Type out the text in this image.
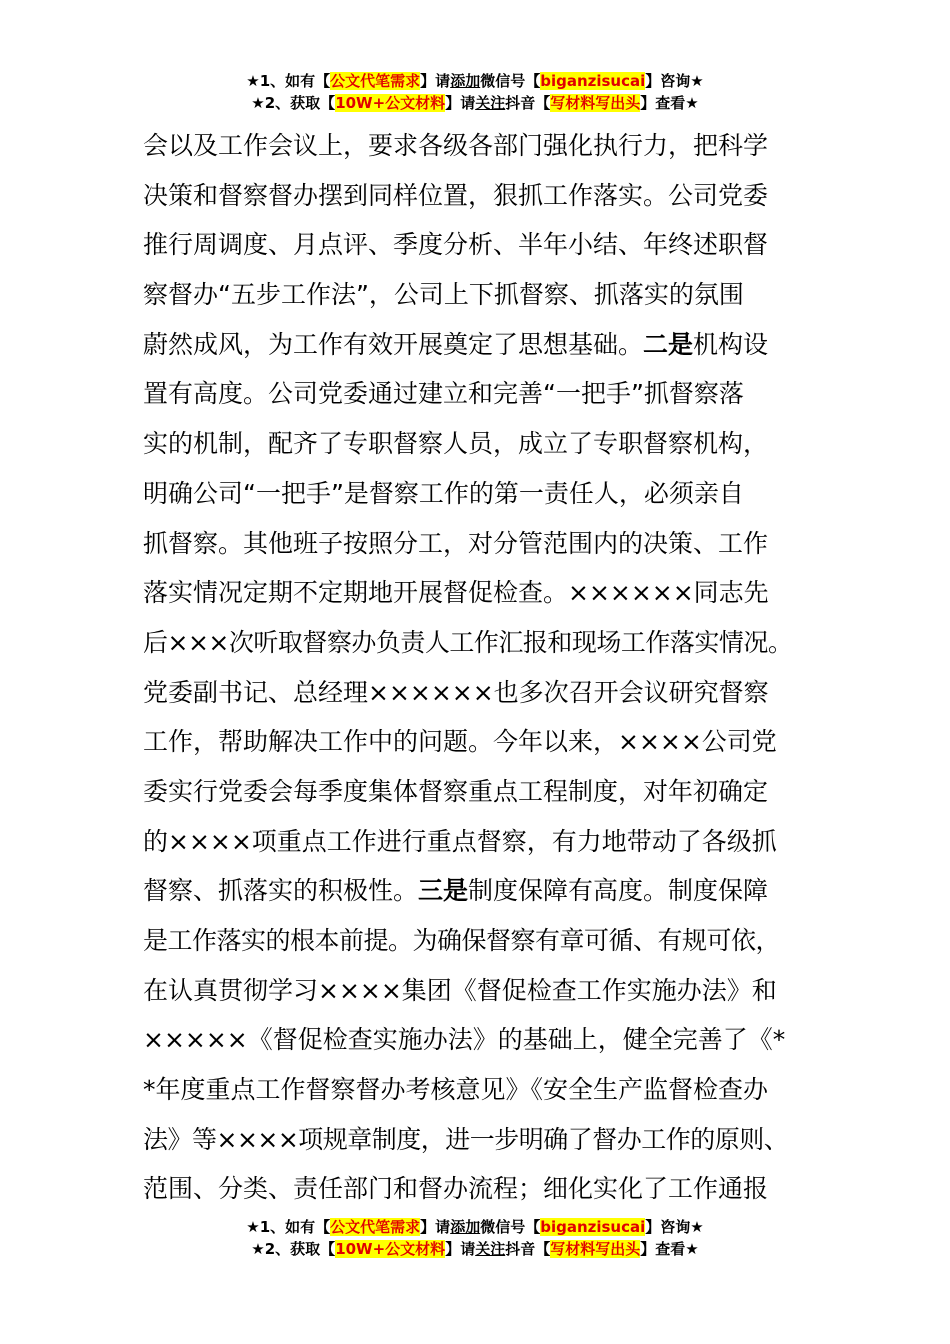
★1、如有【公文代笔需求】请添加微信号【biganzisucai】咨询★
★2、获取【10W+公文材料】请关注抖音【写材料写出头】查看★
会以及工作会议上，要求各级各部门强化执行力，把科学
决策和督察督办摆到同样位置，狠抓工作落实。公司党委
推行周调度、月点评、季度分析、半年小结、年终述职督
察督办“五步工作法”，公司上下抓督察、抓落实的氛围
蔚然成风，为工作有效开展奠定了思想基础。二是机构设
置有高度。公司党委通过建立和完善“一把手”抓督察落
实的机制，配齐了专职督察人员，成立了专职督察机构，
明确公司“一把手”是督察工作的第一责任人，必须亲自
抓督察。其他班子按照分工，对分管范围内的决策、工作
落实情况定期不定期地开展督促检查。××××××同志先
后×××次听取督察办负责人工作汇报和现场工作落实情况。
党委副书记、总经理××××××也多次召开会议研究督察
工作，帮助解决工作中的问题。今年以来，××××公司党
委实行党委会每季度集体督察重点工程制度，对年初确定
的××××项重点工作进行重点督察，有力地带动了各级抓
督察、抓落实的积极性。三是制度保障有高度。制度保障
是工作落实的根本前提。为确保督察有章可循、有规可依，
在认真贯彻学习××××集团《督促检查工作实施办法》和
×××××《督促检查实施办法》的基础上，健全完善了《*
*年度重点工作督察督办考核意见》《安全生产监督检查办
法》等××××项规章制度，进一步明确了督办工作的原则、
范围、分类、责任部门和督办流程；细化实化了工作通报
★1、如有【公文代笔需求】请添加微信号【biganzisucai】咨询★
★2、获取【10W+公文材料】请关注抖音【写材料写出头】查看★
